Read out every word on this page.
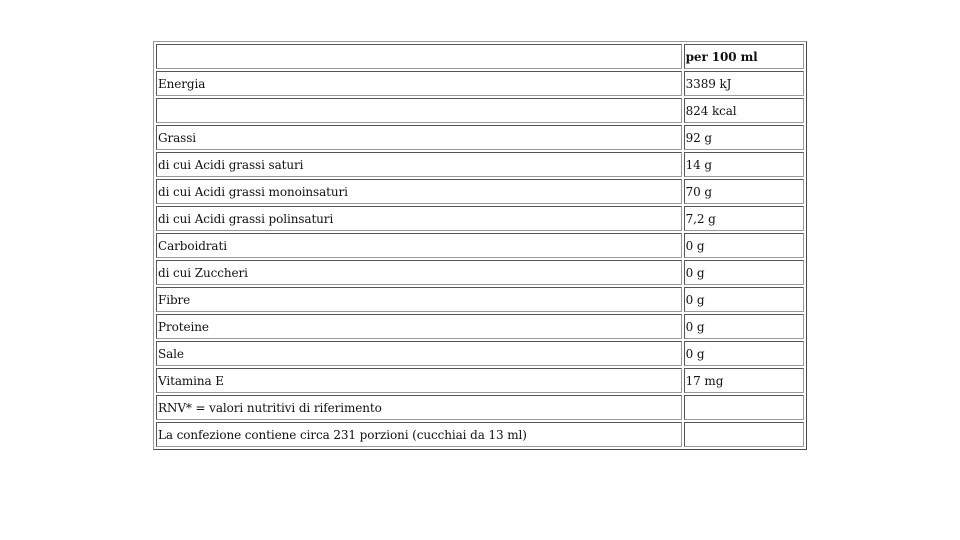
	per 100 ml
Energia	3389 kJ
	824 kcal
Grassi	92 g
di cui Acidi grassi saturi	14 g
di cui Acidi grassi monoinsaturi	70 g
di cui Acidi grassi polinsaturi	7,2 g
Carboidrati	0 g
di cui Zuccheri	0 g
Fibre	0 g
Proteine	0 g
Sale	0 g
Vitamina E	17 mg
RNV* = valori nutritivi di riferimento	
La confezione contiene circa 231 porzioni (cucchiai da 13 ml)	
